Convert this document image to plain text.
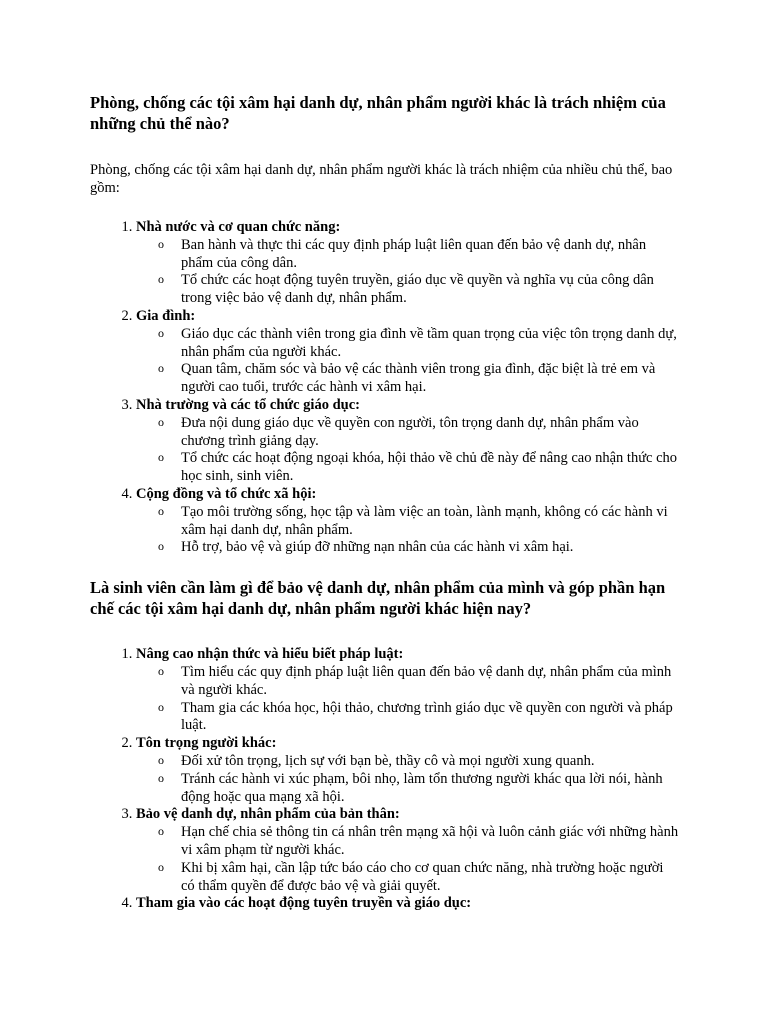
Phòng, chống các tội xâm hại danh dự, nhân phẩm người khác là trách nhiệm của những chủ thể nào?

Phòng, chống các tội xâm hại danh dự, nhân phẩm người khác là trách nhiệm của nhiều chủ thể, bao gồm:

1. Nhà nước và cơ quan chức năng:
o Ban hành và thực thi các quy định pháp luật liên quan đến bảo vệ danh dự, nhân phẩm của công dân.
o Tổ chức các hoạt động tuyên truyền, giáo dục về quyền và nghĩa vụ của công dân trong việc bảo vệ danh dự, nhân phẩm.
2. Gia đình:
o Giáo dục các thành viên trong gia đình về tầm quan trọng của việc tôn trọng danh dự, nhân phẩm của người khác.
o Quan tâm, chăm sóc và bảo vệ các thành viên trong gia đình, đặc biệt là trẻ em và người cao tuổi, trước các hành vi xâm hại.
3. Nhà trường và các tổ chức giáo dục:
o Đưa nội dung giáo dục về quyền con người, tôn trọng danh dự, nhân phẩm vào chương trình giảng dạy.
o Tổ chức các hoạt động ngoại khóa, hội thảo về chủ đề này để nâng cao nhận thức cho học sinh, sinh viên.
4. Cộng đồng và tổ chức xã hội:
o Tạo môi trường sống, học tập và làm việc an toàn, lành mạnh, không có các hành vi xâm hại danh dự, nhân phẩm.
o Hỗ trợ, bảo vệ và giúp đỡ những nạn nhân của các hành vi xâm hại.
Là sinh viên cần làm gì để bảo vệ danh dự, nhân phẩm của mình và góp phần hạn chế các tội xâm hại danh dự, nhân phẩm người khác hiện nay?
1. Nâng cao nhận thức và hiểu biết pháp luật:
o Tìm hiểu các quy định pháp luật liên quan đến bảo vệ danh dự, nhân phẩm của mình và người khác.
o Tham gia các khóa học, hội thảo, chương trình giáo dục về quyền con người và pháp luật.
2. Tôn trọng người khác:
o Đối xử tôn trọng, lịch sự với bạn bè, thầy cô và mọi người xung quanh.
o Tránh các hành vi xúc phạm, bôi nhọ, làm tổn thương người khác qua lời nói, hành động hoặc qua mạng xã hội.
3. Bảo vệ danh dự, nhân phẩm của bản thân:
o Hạn chế chia sẻ thông tin cá nhân trên mạng xã hội và luôn cảnh giác với những hành vi xâm phạm từ người khác.
o Khi bị xâm hại, cần lập tức báo cáo cho cơ quan chức năng, nhà trường hoặc người có thẩm quyền để được bảo vệ và giải quyết.
4. Tham gia vào các hoạt động tuyên truyền và giáo dục:
